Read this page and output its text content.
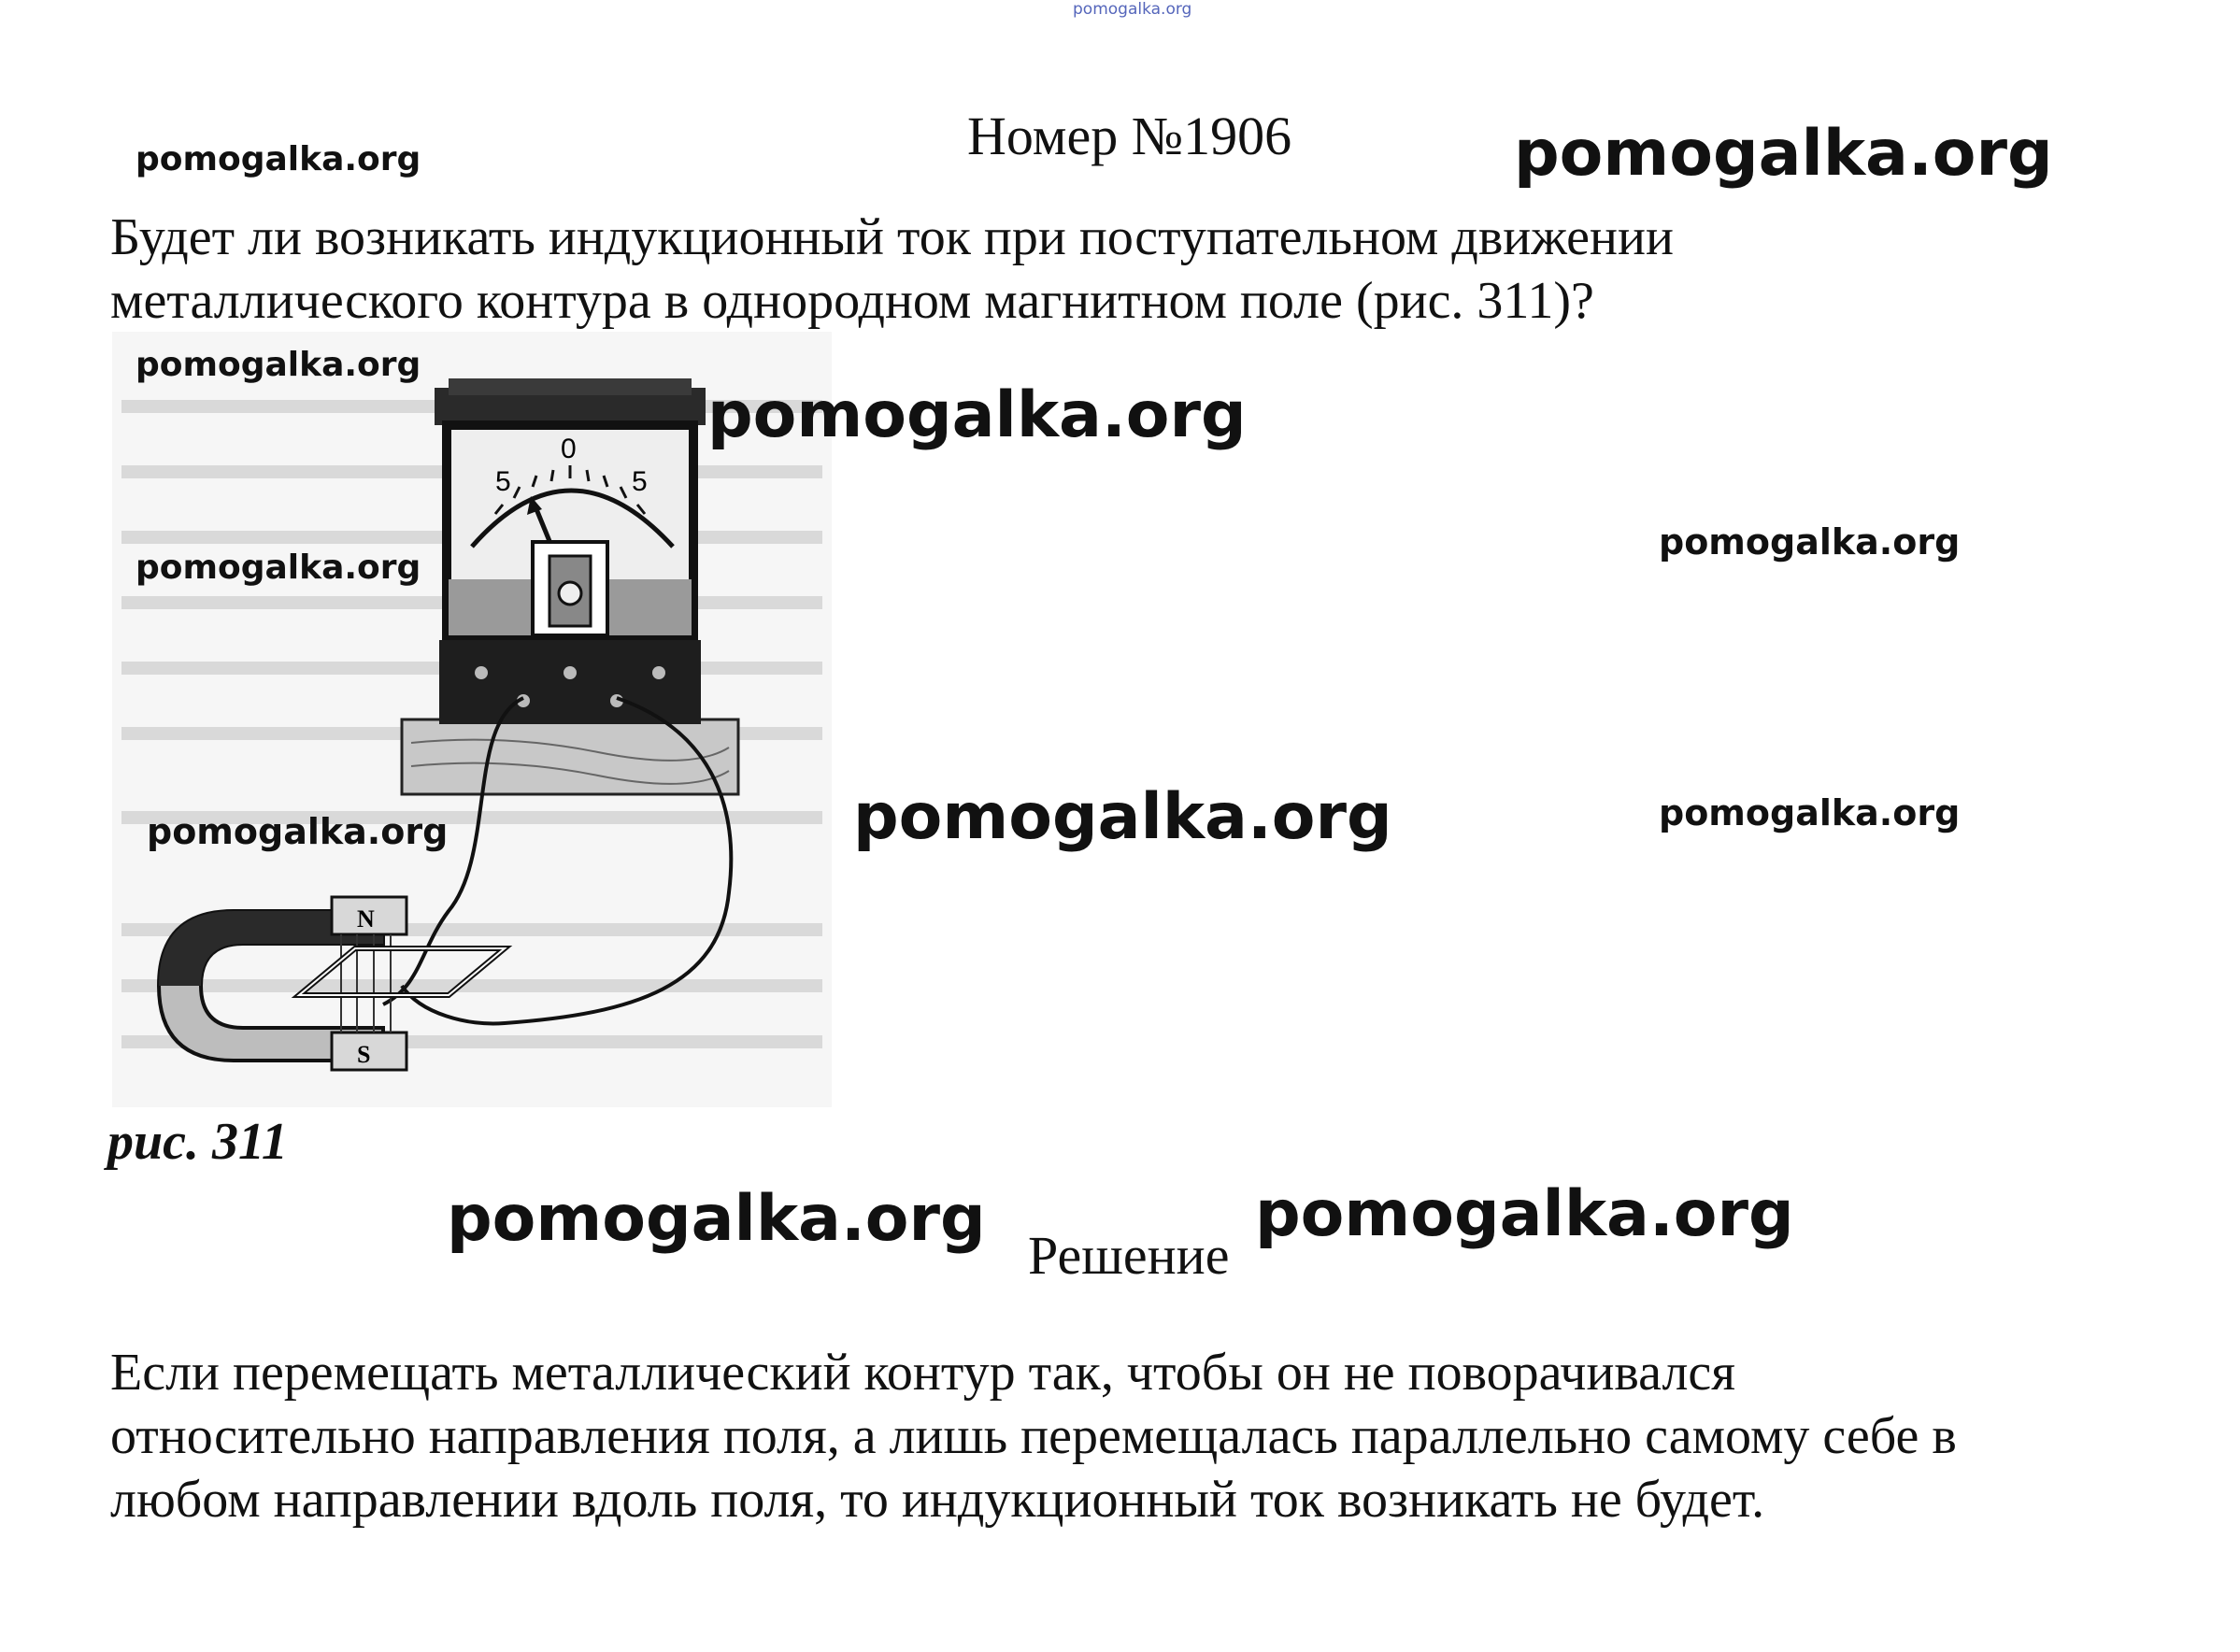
pomogalka.org
Номер №1906
Будет ли возникать индукционный ток при поступательном движении
металлического контура в однородном магнитном поле (рис. 311)?
5
0
5
N
S
рис. 311
Решение
Если перемещать металлический контур так, чтобы он не поворачивался
относительно направления поля, а лишь перемещалась параллельно самому себе в
любом направлении вдоль поля, то индукционный ток возникать не будет.
pomogalka.org	pomogalka.org
pomogalka.org
pomogalka.org
pomogalka.org
pomogalka.org
pomogalka.org	pomogalka.org
pomogalka.org
pomogalka.org	pomogalka.org
